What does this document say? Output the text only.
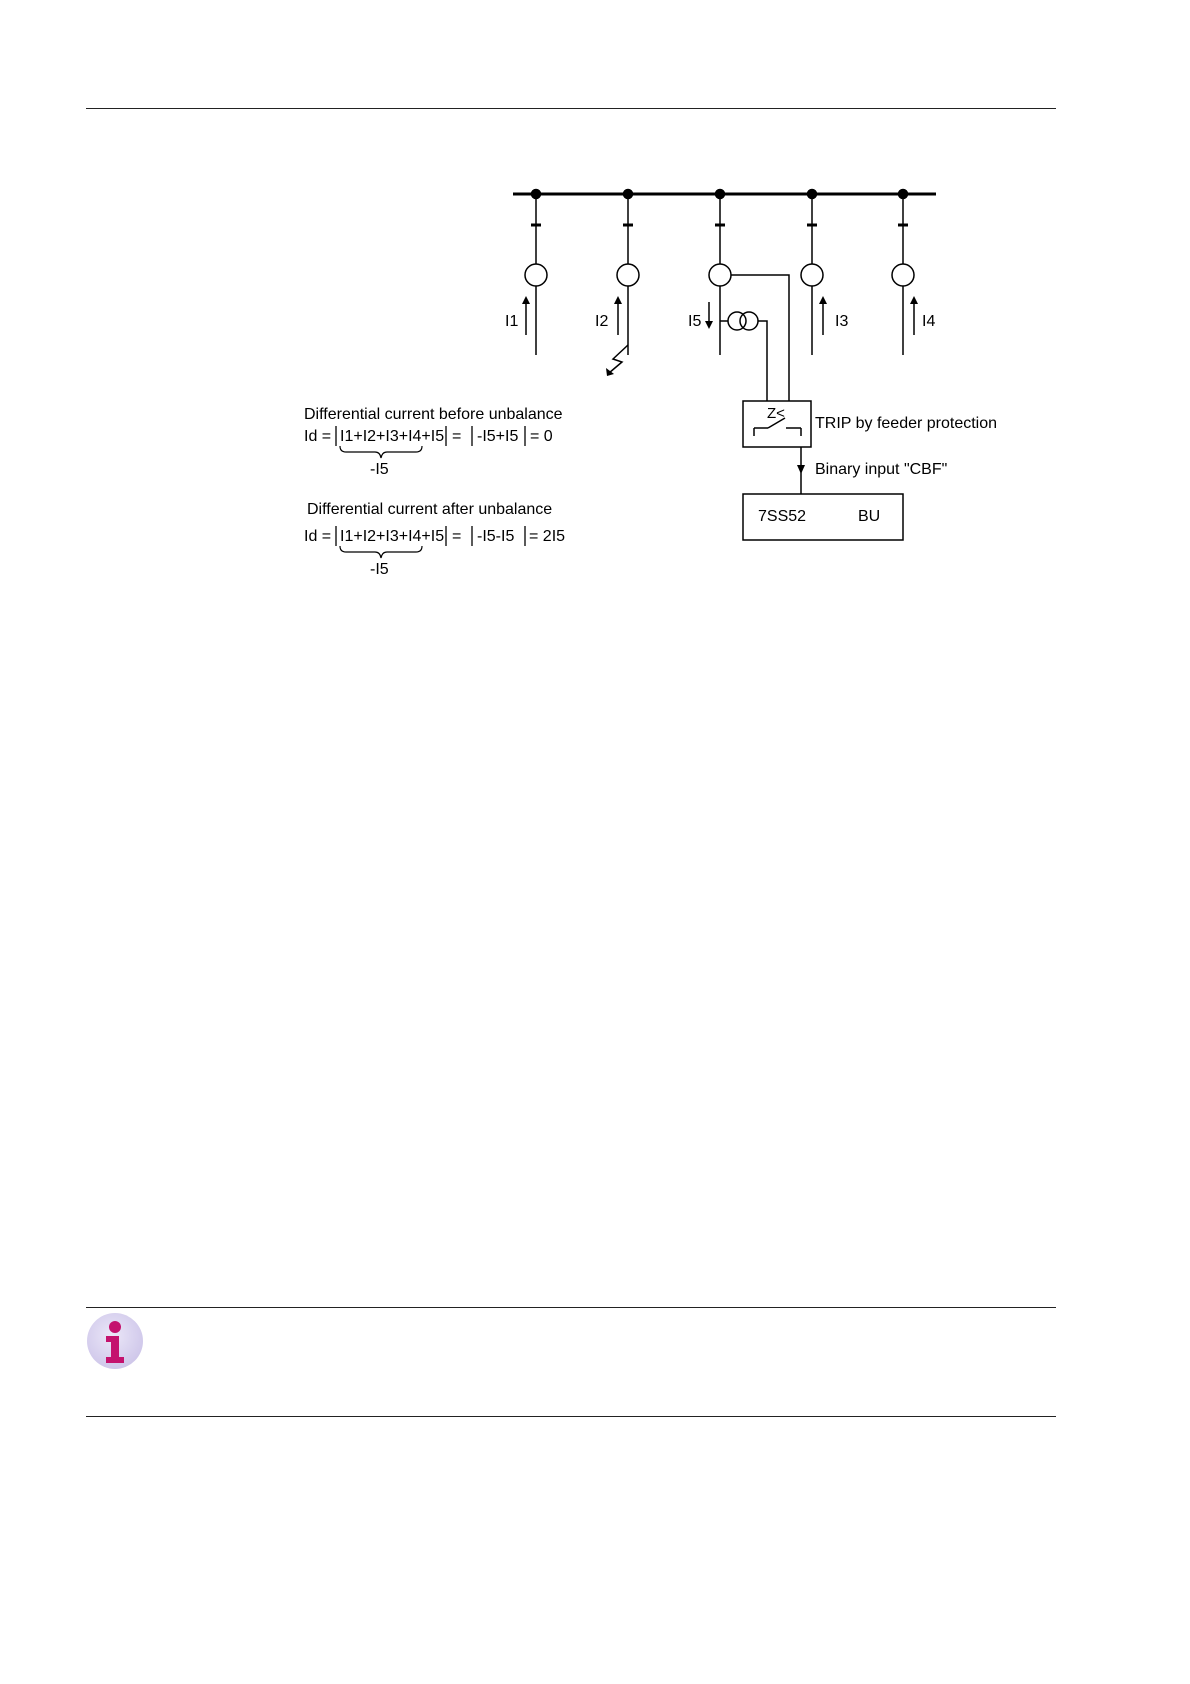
I1	I2	I5	I3	I4
Z<
TRIP by feeder protection
Binary input "CBF"
7SS52	BU
Differential current before unbalance
Id = I1+I2+I3+I4+I5 = -I5+I5 = 0
-I5
Differential current after unbalance
Id = I1+I2+I3+I4+I5 = -I5-I5 = 2I5
-I5
